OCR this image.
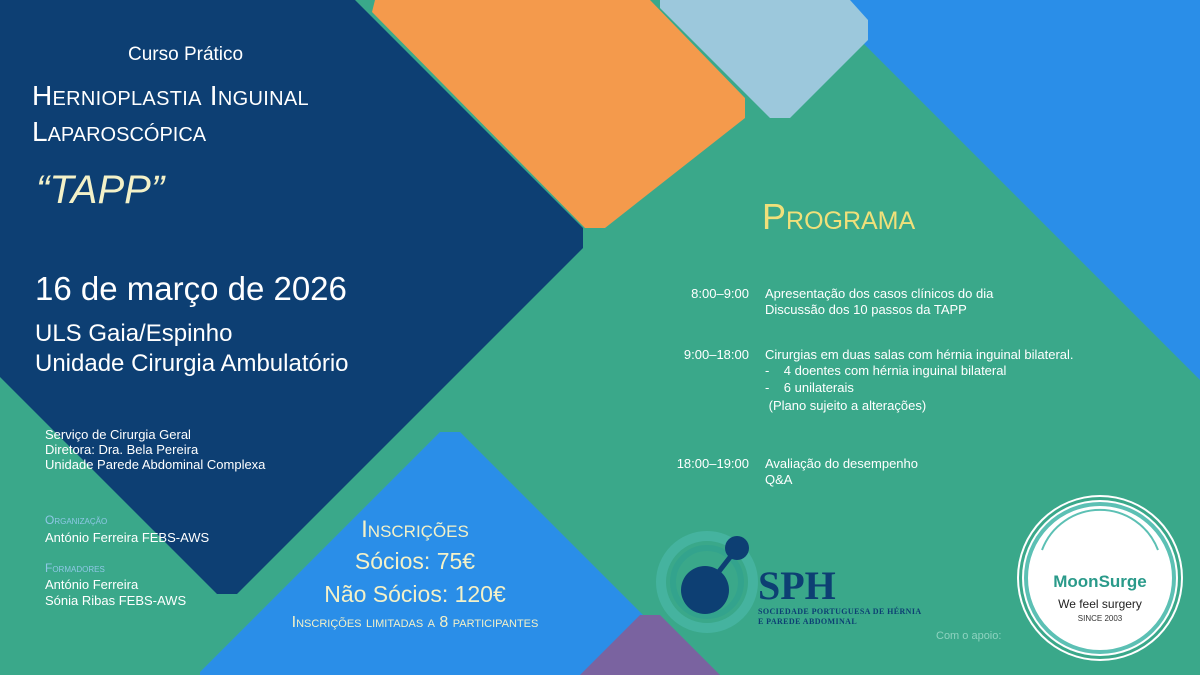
Curso Prático
Hernioplastia Inguinal
Laparoscópica
“TAPP”
16 de março de 2026
ULS Gaia/Espinho
Unidade Cirurgia Ambulatório
Serviço de Cirurgia Geral
Diretora: Dra. Bela Pereira
Unidade Parede Abdominal Complexa
Organização
António Ferreira FEBS-AWS
Formadores
António Ferreira
Sónia Ribas FEBS-AWS
Inscrições
Sócios: 75€
Não Sócios: 120€
Inscrições limitadas a 8 participantes
Programa
8:00–9:00 Apresentação dos casos clínicos do dia
Discussão dos 10 passos da TAPP
9:00–18:00 Cirurgias em duas salas com hérnia inguinal bilateral.
-    4 doentes com hérnia inguinal bilateral
-    6 unilaterais
(Plano sujeito a alterações)
18:00–19:00 Avaliação do desempenho
Q&A
SPH
SOCIEDADE PORTUGUESA DE HÉRNIA
E PAREDE ABDOMINAL
Com o apoio:
MoonSurge
We feel surgery
SINCE 2003
